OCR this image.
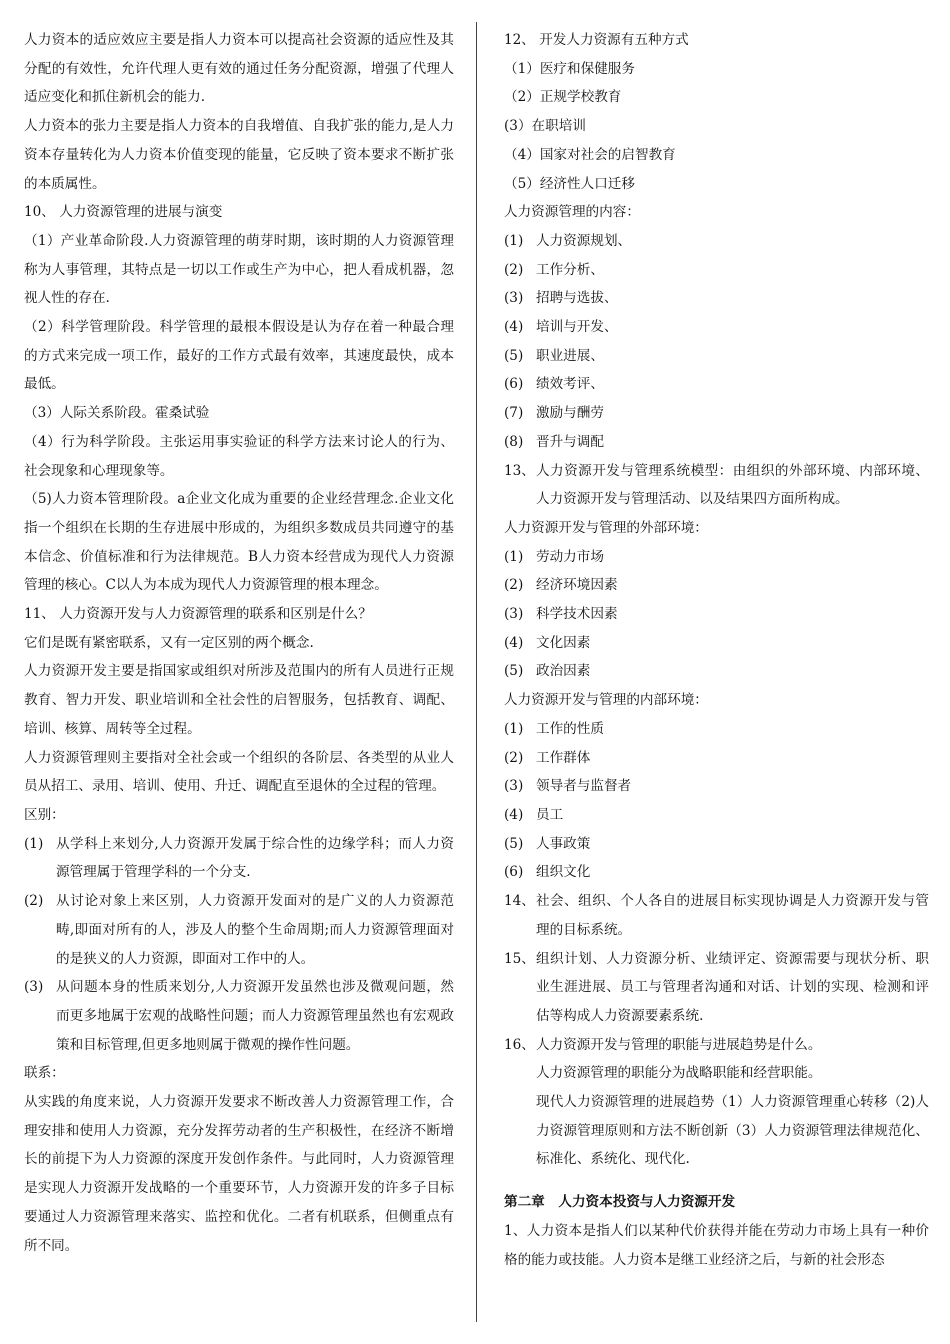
人力资本的适应效应主要是指人力资本可以提高社会资源的适应性及其分配的有效性，允许代理人更有效的通过任务分配资源，增强了代理人适应变化和抓住新机会的能力.

人力资本的张力主要是指人力资本的自我增值、自我扩张的能力,是人力资本存量转化为人力资本价值变现的能量，它反映了资本要求不断扩张的本质属性。

10、 人力资源管理的进展与演变

（1）产业革命阶段.人力资源管理的萌芽时期，该时期的人力资源管理称为人事管理，其特点是一切以工作或生产为中心，把人看成机器，忽视人性的存在.

（2）科学管理阶段。科学管理的最根本假设是认为存在着一种最合理的方式来完成一项工作，最好的工作方式最有效率，其速度最快，成本最低。

（3）人际关系阶段。霍桑试验

（4）行为科学阶段。主张运用事实验证的科学方法来讨论人的行为、社会现象和心理现象等。

（5)人力资本管理阶段。a企业文化成为重要的企业经营理念.企业文化指一个组织在长期的生存进展中形成的，为组织多数成员共同遵守的基本信念、价值标准和行为法律规范。B人力资本经营成为现代人力资源管理的核心。C以人为本成为现代人力资源管理的根本理念。

11、 人力资源开发与人力资源管理的联系和区别是什么？

它们是既有紧密联系，又有一定区别的两个概念.

人力资源开发主要是指国家或组织对所涉及范围内的所有人员进行正规教育、智力开发、职业培训和全社会性的启智服务，包括教育、调配、培训、核算、周转等全过程。

人力资源管理则主要指对全社会或一个组织的各阶层、各类型的从业人员从招工、录用、培训、使用、升迁、调配直至退休的全过程的管理。

区别：

(1) 从学科上来划分,人力资源开发属于综合性的边缘学科；而人力资源管理属于管理学科的一个分支.
(2) 从讨论对象上来区别，人力资源开发面对的是广义的人力资源范畴,即面对所有的人，涉及人的整个生命周期;而人力资源管理面对的是狭义的人力资源，即面对工作中的人。
(3) 从问题本身的性质来划分,人力资源开发虽然也涉及微观问题，然而更多地属于宏观的战略性问题；而人力资源管理虽然也有宏观政策和目标管理,但更多地则属于微观的操作性问题。

联系：

从实践的角度来说，人力资源开发要求不断改善人力资源管理工作，合理安排和使用人力资源，充分发挥劳动者的生产积极性，在经济不断增长的前提下为人力资源的深度开发创作条件。与此同时，人力资源管理是实现人力资源开发战略的一个重要环节，人力资源开发的许多子目标要通过人力资源管理来落实、监控和优化。二者有机联系，但侧重点有所不同。

12、 开发人力资源有五种方式

（1）医疗和保健服务

（2）正规学校教育

(3）在职培训

（4）国家对社会的启智教育

（5）经济性人口迁移

人力资源管理的内容：

(1) 人力资源规划、
(2) 工作分析、
(3) 招聘与选拔、
(4) 培训与开发、
(5) 职业进展、
(6) 绩效考评、
(7) 激励与酬劳
(8) 晋升与调配
13、 人力资源开发与管理系统模型：由组织的外部环境、内部环境、人力资源开发与管理活动、以及结果四方面所构成。

人力资源开发与管理的外部环境：

(1) 劳动力市场
(2) 经济环境因素
(3) 科学技术因素
(4) 文化因素
(5) 政治因素

人力资源开发与管理的内部环境：

(1) 工作的性质
(2) 工作群体
(3) 领导者与监督者
(4) 员工
(5) 人事政策
(6) 组织文化
14、 社会、组织、个人各自的进展目标实现协调是人力资源开发与管理的目标系统。
15、 组织计划、人力资源分析、业绩评定、资源需要与现状分析、职业生涯进展、员工与管理者沟通和对话、计划的实现、检测和评估等构成人力资源要素系统.
16、 人力资源开发与管理的职能与进展趋势是什么。
人力资源管理的职能分为战略职能和经营职能。
现代人力资源管理的进展趋势（1）人力资源管理重心转移（2)人力资源管理原则和方法不断创新（3）人力资源管理法律规范化、标准化、系统化、现代化.

第二章　人力资本投资与人力资源开发

1、人力资本是指人们以某种代价获得并能在劳动力市场上具有一种价格的能力或技能。人力资本是继工业经济之后，与新的社会形态
